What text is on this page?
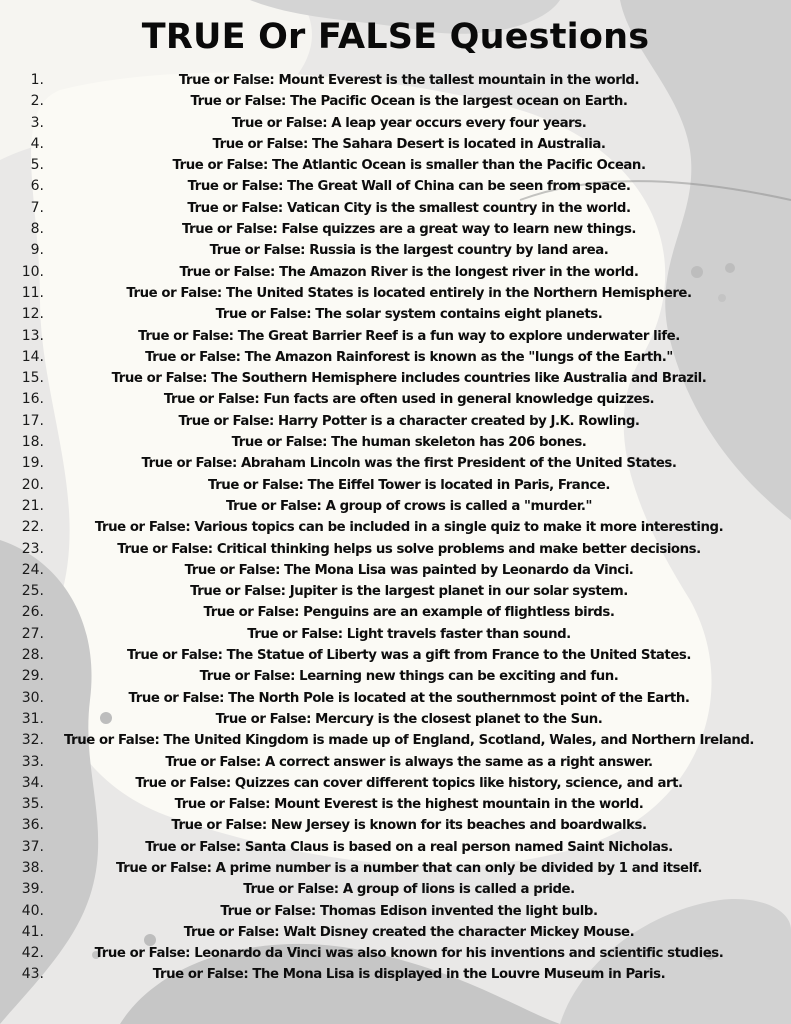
TRUE Or FALSE Questions
1.	True or False: Mount Everest is the tallest mountain in the world.
2.	True or False: The Pacific Ocean is the largest ocean on Earth.
3.	True or False: A leap year occurs every four years.
4.	True or False: The Sahara Desert is located in Australia.
5.	True or False: The Atlantic Ocean is smaller than the Pacific Ocean.
6.	True or False: The Great Wall of China can be seen from space.
7.	True or False: Vatican City is the smallest country in the world.
8.	True or False: False quizzes are a great way to learn new things.
9.	True or False: Russia is the largest country by land area.
10.	True or False: The Amazon River is the longest river in the world.
11.	True or False: The United States is located entirely in the Northern Hemisphere.
12.	True or False: The solar system contains eight planets.
13.	True or False: The Great Barrier Reef is a fun way to explore underwater life.
14.	True or False: The Amazon Rainforest is known as the "lungs of the Earth."
15.	True or False: The Southern Hemisphere includes countries like Australia and Brazil.
16.	True or False: Fun facts are often used in general knowledge quizzes.
17.	True or False: Harry Potter is a character created by J.K. Rowling.
18.	True or False: The human skeleton has 206 bones.
19.	True or False: Abraham Lincoln was the first President of the United States.
20.	True or False: The Eiffel Tower is located in Paris, France.
21.	True or False: A group of crows is called a "murder."
22.	True or False: Various topics can be included in a single quiz to make it more interesting.
23.	True or False: Critical thinking helps us solve problems and make better decisions.
24.	True or False: The Mona Lisa was painted by Leonardo da Vinci.
25.	True or False: Jupiter is the largest planet in our solar system.
26.	True or False: Penguins are an example of flightless birds.
27.	True or False: Light travels faster than sound.
28.	True or False: The Statue of Liberty was a gift from France to the United States.
29.	True or False: Learning new things can be exciting and fun.
30.	True or False: The North Pole is located at the southernmost point of the Earth.
31.	True or False: Mercury is the closest planet to the Sun.
32.	True or False: The United Kingdom is made up of England, Scotland, Wales, and Northern Ireland.
33.	True or False: A correct answer is always the same as a right answer.
34.	True or False: Quizzes can cover different topics like history, science, and art.
35.	True or False: Mount Everest is the highest mountain in the world.
36.	True or False: New Jersey is known for its beaches and boardwalks.
37.	True or False: Santa Claus is based on a real person named Saint Nicholas.
38.	True or False: A prime number is a number that can only be divided by 1 and itself.
39.	True or False: A group of lions is called a pride.
40.	True or False: Thomas Edison invented the light bulb.
41.	True or False: Walt Disney created the character Mickey Mouse.
42.	True or False: Leonardo da Vinci was also known for his inventions and scientific studies.
43.	True or False: The Mona Lisa is displayed in the Louvre Museum in Paris.
